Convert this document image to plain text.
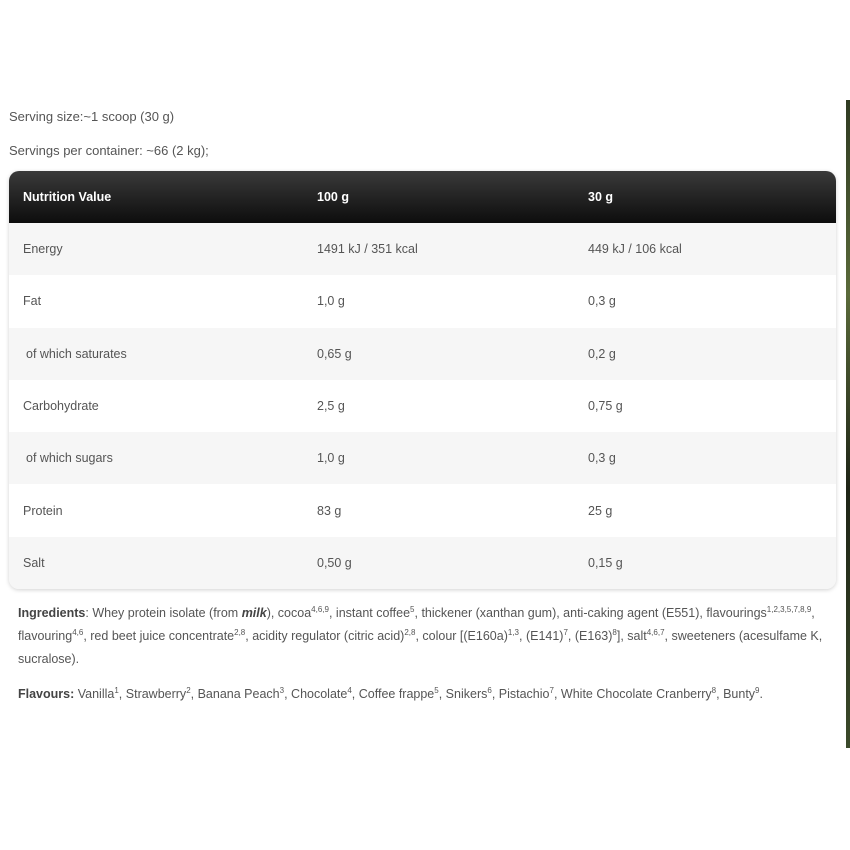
Serving size:~1 scoop (30 g)
Servings per container: ~66 (2 kg);
Nutrition Value	100 g	30 g
Energy	1491 kJ / 351 kcal	449 kJ / 106 kcal
Fat	1,0 g	0,3 g
of which saturates	0,65 g	0,2 g
Carbohydrate	2,5 g	0,75 g
of which sugars	1,0 g	0,3 g
Protein	83 g	25 g
Salt	0,50 g	0,15 g
Ingredients: Whey protein isolate (from milk), cocoa$^{4,6,9}$, instant coffee$^5$, thickener (xanthan gum), anti-caking agent (E551), flavourings$^{1,2,3,5,7,8,9}$, flavouring$^{4,6}$, red beet juice concentrate$^{2,8}$, acidity regulator (citric acid)$^{2,8}$, colour [$(E160a)^{1,3}$, $(E141)^7$, $(E163)^8$], salt$^{4,6,7}$, sweeteners (acesulfame K, sucralose).
Flavours: Vanilla$^1$, Strawberry$^2$, Banana Peach$^3$, Chocolate$^4$, Coffee frappe$^5$, Snikers$^6$, Pistachio$^7$, White Chocolate Cranberry$^8$, Bunty$^9$.
